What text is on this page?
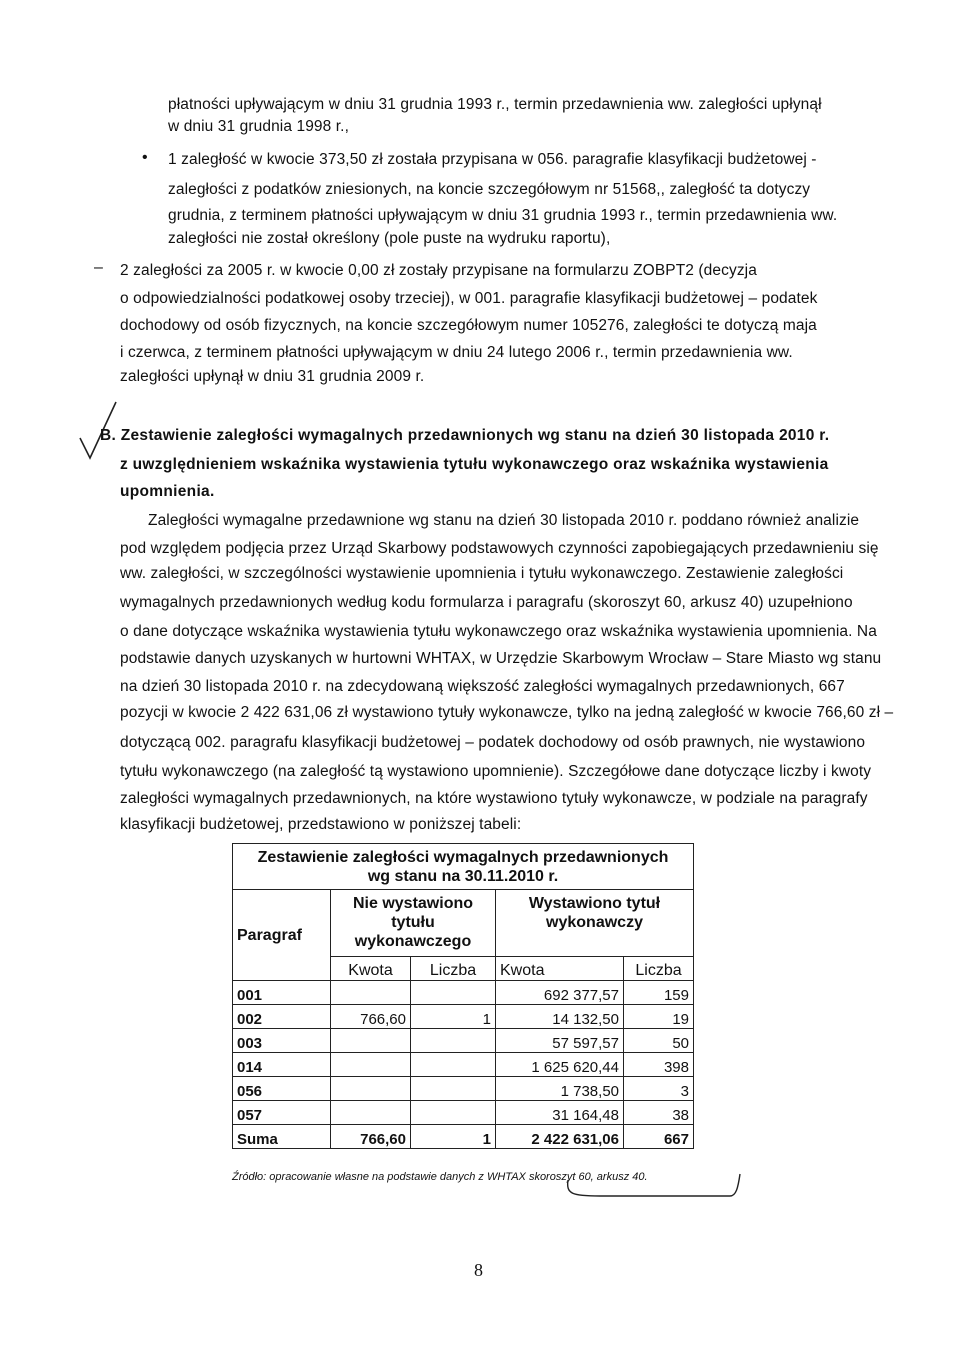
płatności upływającym w dniu 31 grudnia 1993 r., termin przedawnienia ww. zaległości upłynął
w dniu 31 grudnia 1998 r.,
• 1 zaległość w kwocie 373,50 zł została przypisana w 056. paragrafie klasyfikacji budżetowej -
zaległości z podatków zniesionych, na koncie szczegółowym nr 51568,, zaległość ta dotyczy
grudnia, z terminem płatności upływającym w dniu 31 grudnia 1993 r., termin przedawnienia ww.
zaległości nie został określony (pole puste na wydruku raportu),
– 2 zaległości za 2005 r. w kwocie 0,00 zł zostały przypisane na formularzu ZOBPT2 (decyzja
o odpowiedzialności podatkowej osoby trzeciej), w 001. paragrafie klasyfikacji budżetowej – podatek
dochodowy od osób fizycznych, na koncie szczegółowym numer 105276, zaległości te dotyczą maja
i czerwca, z terminem płatności upływającym w dniu 24 lutego 2006 r., termin przedawnienia ww.
zaległości upłynął w dniu 31 grudnia 2009 r.
B. Zestawienie zaległości wymagalnych przedawnionych wg stanu na dzień 30 listopada 2010 r.
z uwzględnieniem wskaźnika wystawienia tytułu wykonawczego oraz wskaźnika wystawienia
upomnienia.
Zaległości wymagalne przedawnione wg stanu na dzień 30 listopada 2010 r. poddano również analizie
pod względem podjęcia przez Urząd Skarbowy podstawowych czynności zapobiegających przedawnieniu się
ww. zaległości, w szczególności wystawienie upomnienia i tytułu wykonawczego. Zestawienie zaległości
wymagalnych przedawnionych według kodu formularza i paragrafu (skoroszyt 60, arkusz 40) uzupełniono
o dane dotyczące wskaźnika wystawienia tytułu wykonawczego oraz wskaźnika wystawienia upomnienia. Na
podstawie danych uzyskanych w hurtowni WHTAX, w Urzędzie Skarbowym Wrocław – Stare Miasto wg stanu
na dzień 30 listopada 2010 r. na zdecydowaną większość zaległości wymagalnych przedawnionych, 667
pozycji w kwocie 2 422 631,06 zł wystawiono tytuły wykonawcze, tylko na jedną zaległość w kwocie 766,60 zł –
dotyczącą 002. paragrafu klasyfikacji budżetowej – podatek dochodowy od osób prawnych, nie wystawiono
tytułu wykonawczego (na zaległość tą wystawiono upomnienie). Szczegółowe dane dotyczące liczby i kwoty
zaległości wymagalnych przedawnionych, na które wystawiono tytuły wykonawcze, w podziale na paragrafy
klasyfikacji budżetowej, przedstawiono w poniższej tabeli:
Zestawienie zaległości wymagalnych przedawnionych
wg stanu na 30.11.2010 r.				
Paragraf	Nie wystawiono
tytułu
wykonawczego		Wystawiono tytuł
wykonawczy	
	Kwota	Liczba	Kwota	Liczba
001			692 377,57	159
002	766,60	1	14 132,50	19
003			57 597,57	50
014			1 625 620,44	398
056			1 738,50	3
057			31 164,48	38
Suma	766,60	1	2 422 631,06	667
Źródło: opracowanie własne na podstawie danych z WHTAX skoroszyt 60, arkusz 40.
8
